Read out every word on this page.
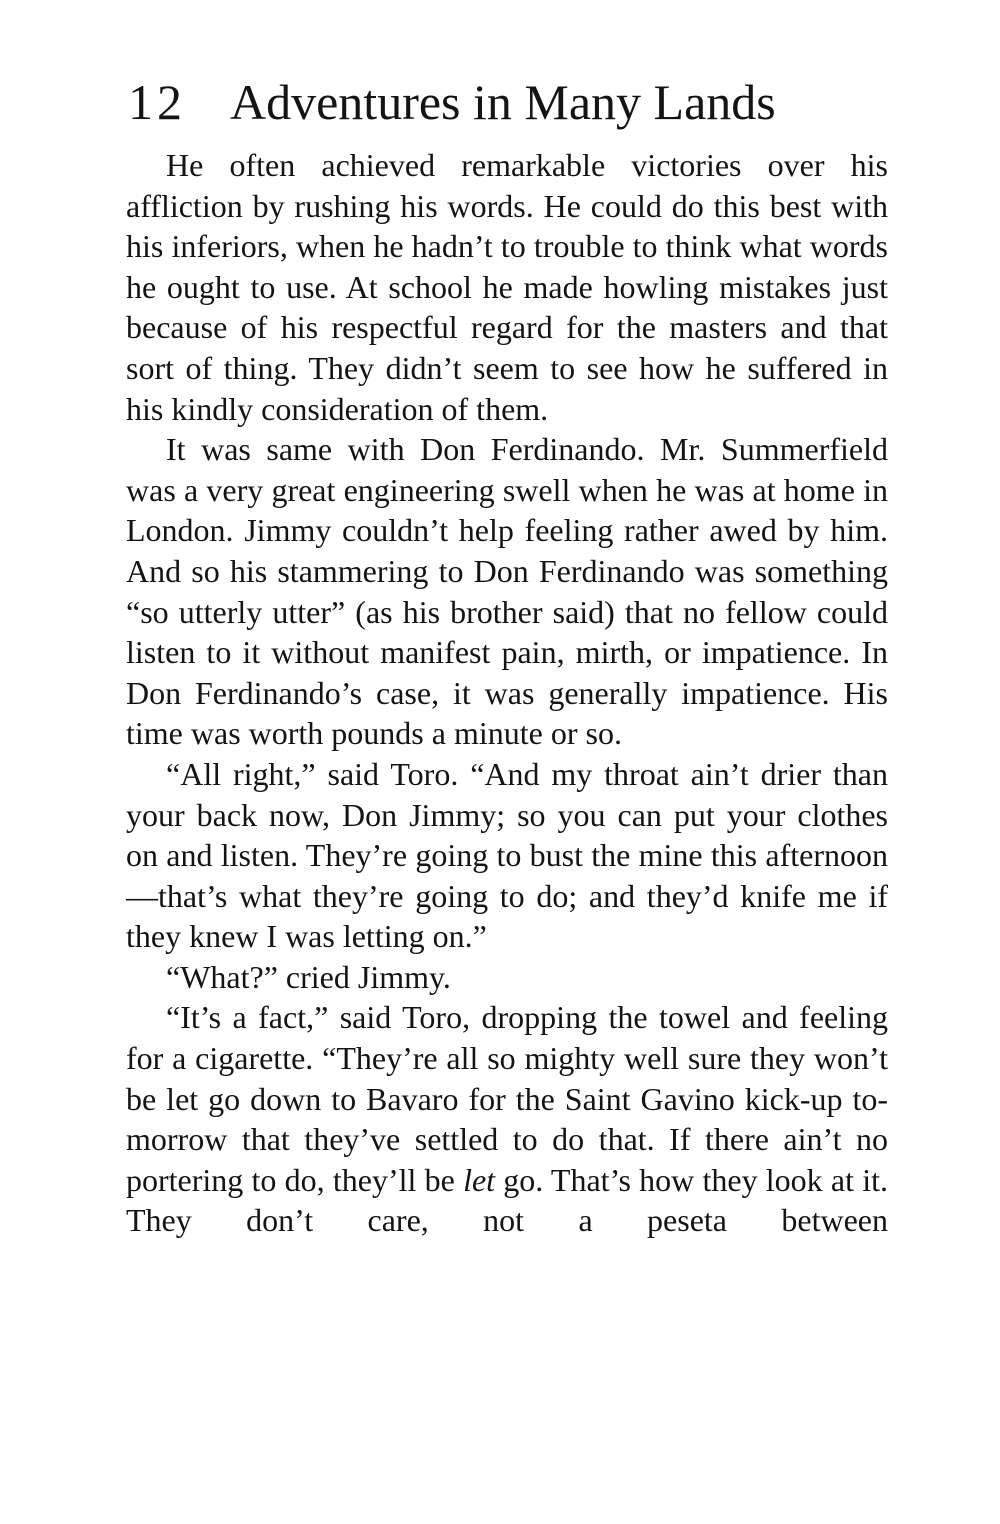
12 Adventures in Many Lands

He often achieved remarkable victories over his affliction by rushing his words. He could do this best with his inferiors, when he hadn’t to trouble to think what words he ought to use. At school he made howling mistakes just because of his respectful regard for the masters and that sort of thing. They didn’t seem to see how he suffered in his kindly consideration of them.

It was same with Don Ferdinando. Mr. Summerfield was a very great engineering swell when he was at home in London. Jimmy couldn’t help feeling rather awed by him. And so his stammering to Don Ferdinando was something “so utterly utter” (as his brother said) that no fellow could listen to it without manifest pain, mirth, or impatience. In Don Ferdinando’s case, it was generally impatience. His time was worth pounds a minute or so.

“All right,” said Toro. “And my throat ain’t drier than your back now, Don Jimmy; so you can put your clothes on and listen. They’re going to bust the mine this afternoon—that’s what they’re going to do; and they’d knife me if they knew I was letting on.”

“What?” cried Jimmy.

“It’s a fact,” said Toro, dropping the towel and feeling for a cigarette. “They’re all so mighty well sure they won’t be let go down to Bavaro for the Saint Gavino kick-up to-morrow that they’ve settled to do that. If there ain’t no portering to do, they’ll be let go. That’s how they look at it. They don’t care, not a peseta between
